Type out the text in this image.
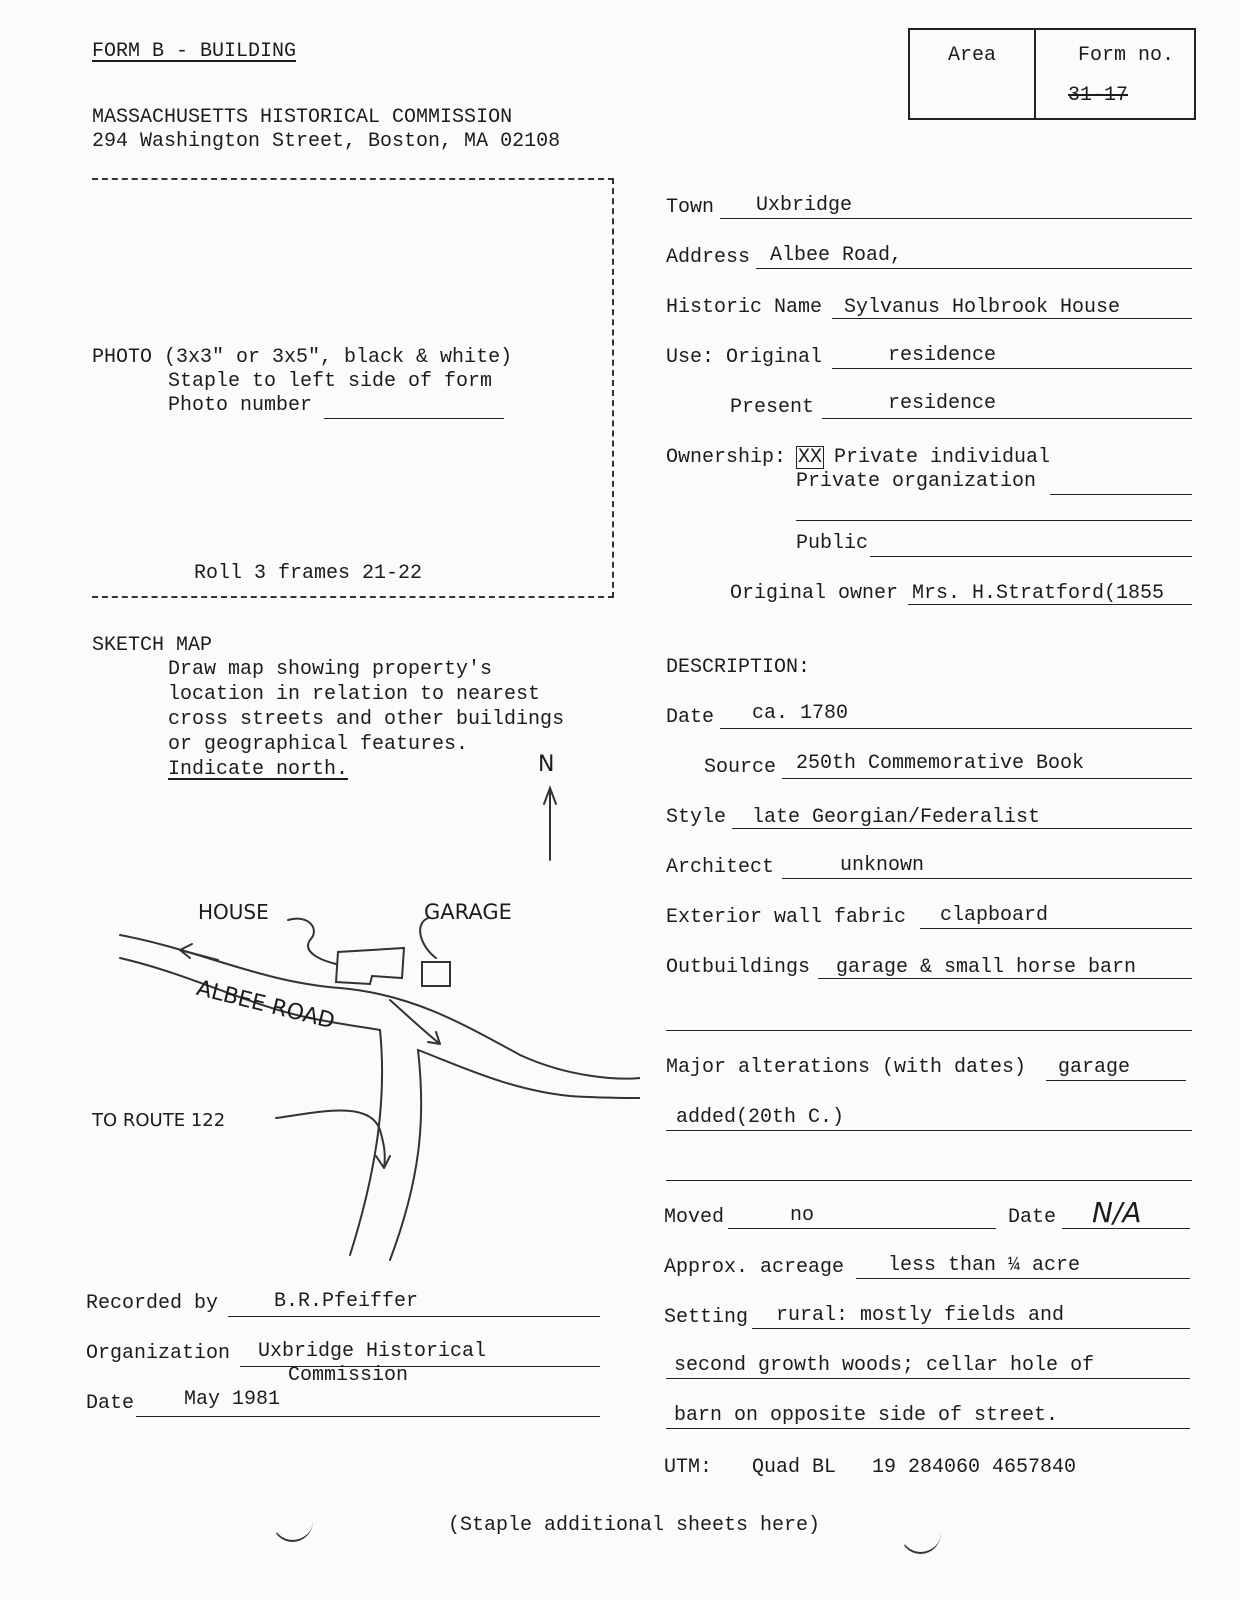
FORM B - BUILDING
MASSACHUSETTS HISTORICAL COMMISSION
294 Washington Street, Boston, MA 02108
Area	Form no.
31-17
PHOTO (3x3" or 3x5", black & white)
Staple to left side of form
Photo number
Roll 3 frames 21-22
SKETCH MAP
Draw map showing property's
location in relation to nearest
cross streets and other buildings
or geographical features.
Indicate north.	N
HOUSE	GARAGE
ALBEE ROAD
TO ROUTE 122
Recorded by	B.R.Pfeiffer
Organization Uxbridge Historical
Commission
Date May 1981
Town Uxbridge
Address Albee Road,
Historic Name Sylvanus Holbrook House
Use: Original	residence
Present	residence
Ownership: XX Private individual
Private organization
Public
Original owner Mrs. H.Stratford(1855
DESCRIPTION:
Date ca. 1780
Source 250th Commemorative Book
Style late Georgian/Federalist
Architect	unknown
Exterior wall fabric clapboard
Outbuildings garage & small horse barn
Major alterations (with dates) garage
added(20th C.)
Moved	no	Date N/A
Approx. acreage less than ¼ acre
Setting rural: mostly fields and
second growth woods; cellar hole of
barn on opposite side of street.
UTM: Quad BL   19 284060 4657840
(Staple additional sheets here)
